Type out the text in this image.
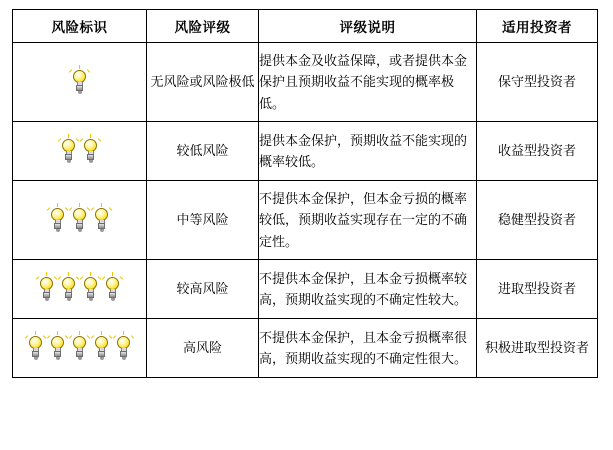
风险标识	风险评级	评级说明	适用投资者

	无风险或风险极低	提供本金及收益保障，或者提供本金保护且预期收益不能实现的概率极低。	保守型投资者

	较低风险	提供本金保护，预期收益不能实现的概率较低。	收益型投资者

	中等风险	不提供本金保护，但本金亏损的概率较低，预期收益实现存在一定的不确定性。	稳健型投资者

	较高风险	不提供本金保护，且本金亏损概率较高，预期收益实现的不确定性较大。	进取型投资者

	高风险	不提供本金保护，且本金亏损概率很高，预期收益实现的不确定性很大。	积极进取型投资者
